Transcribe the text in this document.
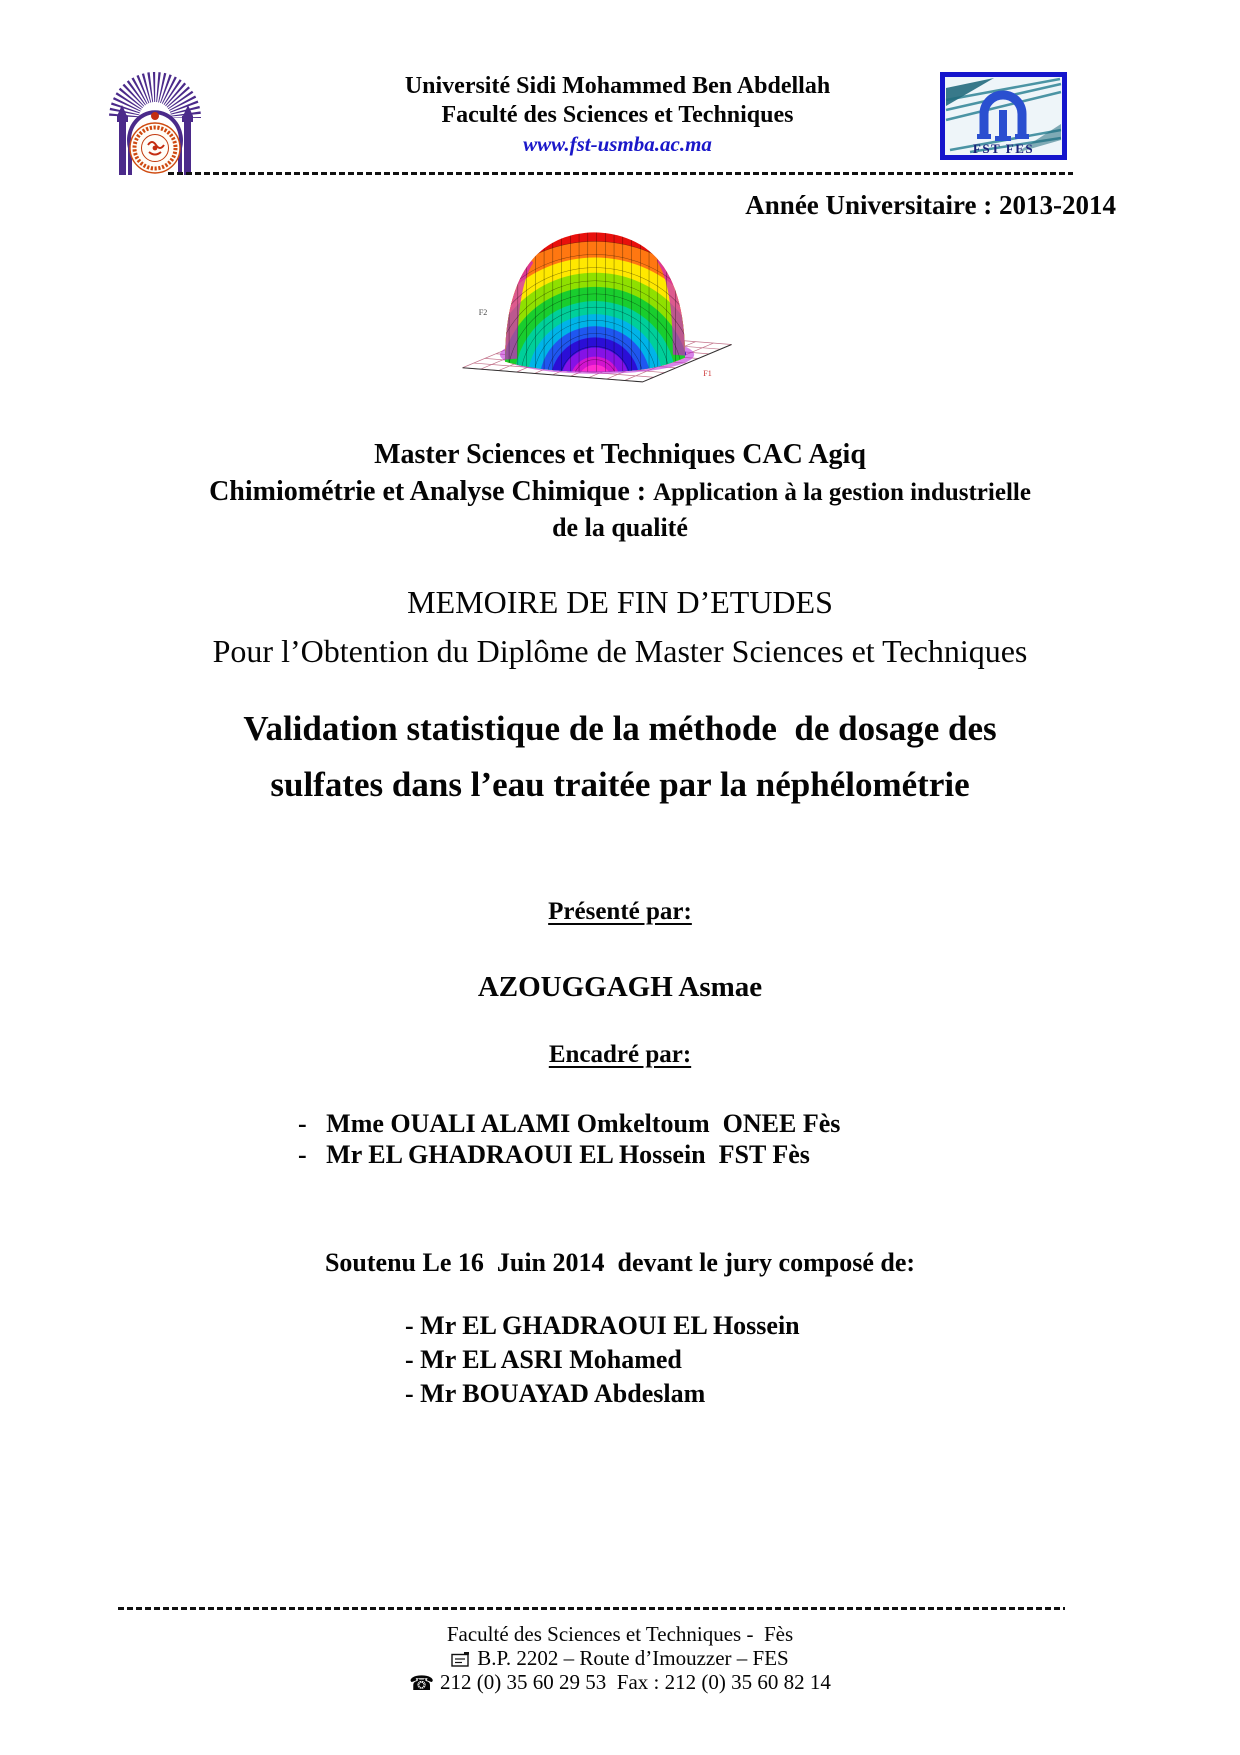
Université Sidi Mohammed Ben Abdellah
Faculté des Sciences et Techniques
www.fst-usmba.ac.ma	FST FES
Année Universitaire : 2013-2014
F2
F1
Master Sciences et Techniques CAC Agiq
Chimiométrie et Analyse Chimique : Application à la gestion industrielle
de la qualité
MEMOIRE DE FIN D’ETUDES
Pour l’Obtention du Diplôme de Master Sciences et Techniques
Validation statistique de la méthode  de dosage des
sulfates dans l’eau traitée par la néphélométrie
Présenté par:
AZOUGGAGH Asmae
Encadré par:
-   Mme OUALI ALAMI Omkeltoum  ONEE Fès
-   Mr EL GHADRAOUI EL Hossein  FST Fès
Soutenu Le 16  Juin 2014  devant le jury composé de:
- Mr EL GHADRAOUI EL Hossein
- Mr EL ASRI Mohamed
- Mr BOUAYAD Abdeslam
Faculté des Sciences et Techniques -  Fès
B.P. 2202 – Route d’Imouzzer – FES
☎ 212 (0) 35 60 29 53  Fax : 212 (0) 35 60 82 14
